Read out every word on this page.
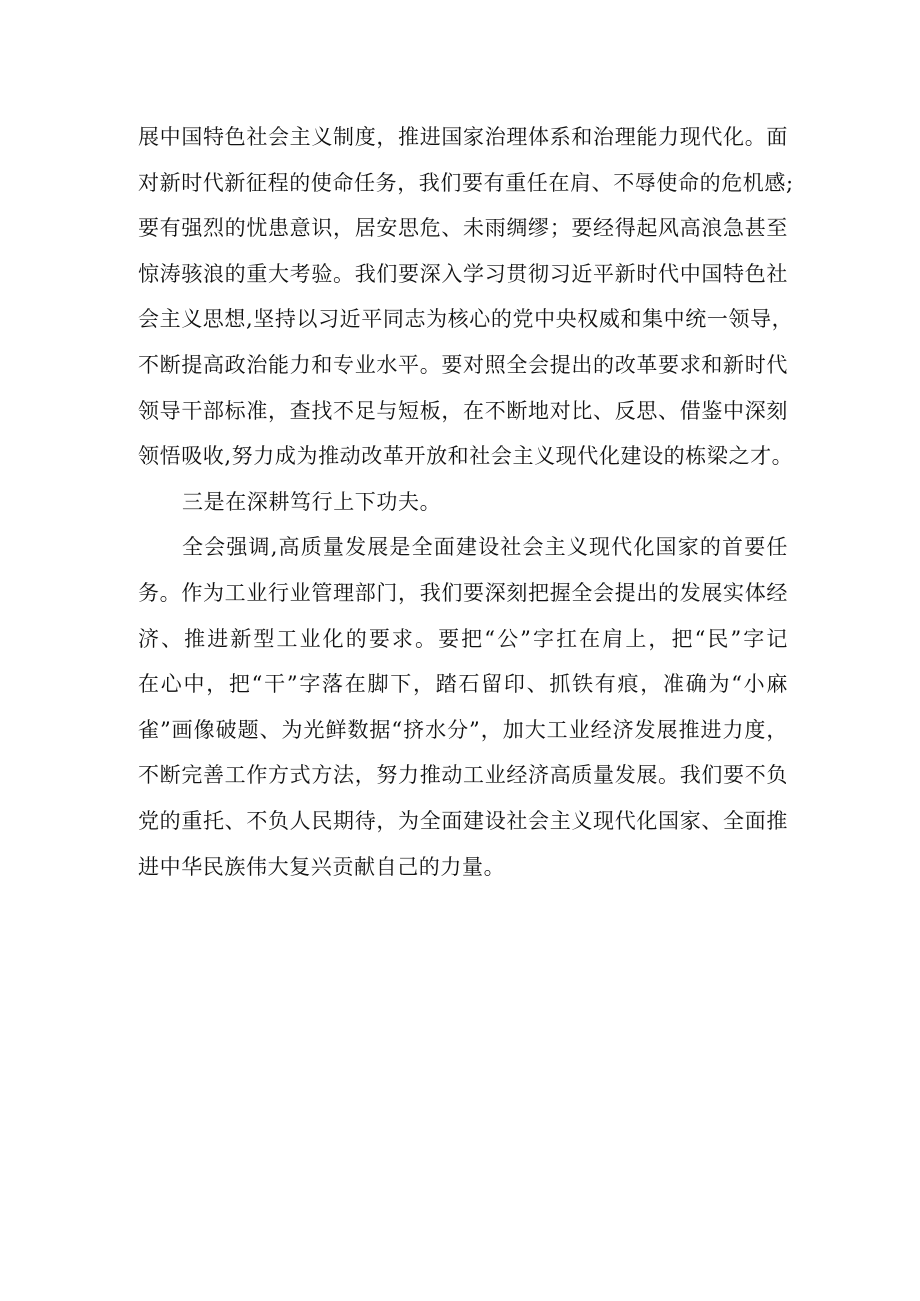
展中国特色社会主义制度，推进国家治理体系和治理能力现代化。面
对新时代新征程的使命任务，我们要有重任在肩、不辱使命的危机感;
要有强烈的忧患意识，居安思危、未雨绸缪；要经得起风高浪急甚至
惊涛骇浪的重大考验。我们要深入学习贯彻习近平新时代中国特色社
会主义思想,坚持以习近平同志为核心的党中央权威和集中统一领导，
不断提高政治能力和专业水平。要对照全会提出的改革要求和新时代
领导干部标准，查找不足与短板，在不断地对比、反思、借鉴中深刻
领悟吸收,努力成为推动改革开放和社会主义现代化建设的栋梁之才。
三是在深耕笃行上下功夫。
全会强调,高质量发展是全面建设社会主义现代化国家的首要任
务。作为工业行业管理部门，我们要深刻把握全会提出的发展实体经
济、推进新型工业化的要求。要把“公”字扛在肩上，把“民”字记
在心中，把“干”字落在脚下，踏石留印、抓铁有痕，准确为“小麻
雀”画像破题、为光鲜数据“挤水分”，加大工业经济发展推进力度，
不断完善工作方式方法，努力推动工业经济高质量发展。我们要不负
党的重托、不负人民期待，为全面建设社会主义现代化国家、全面推
进中华民族伟大复兴贡献自己的力量。
